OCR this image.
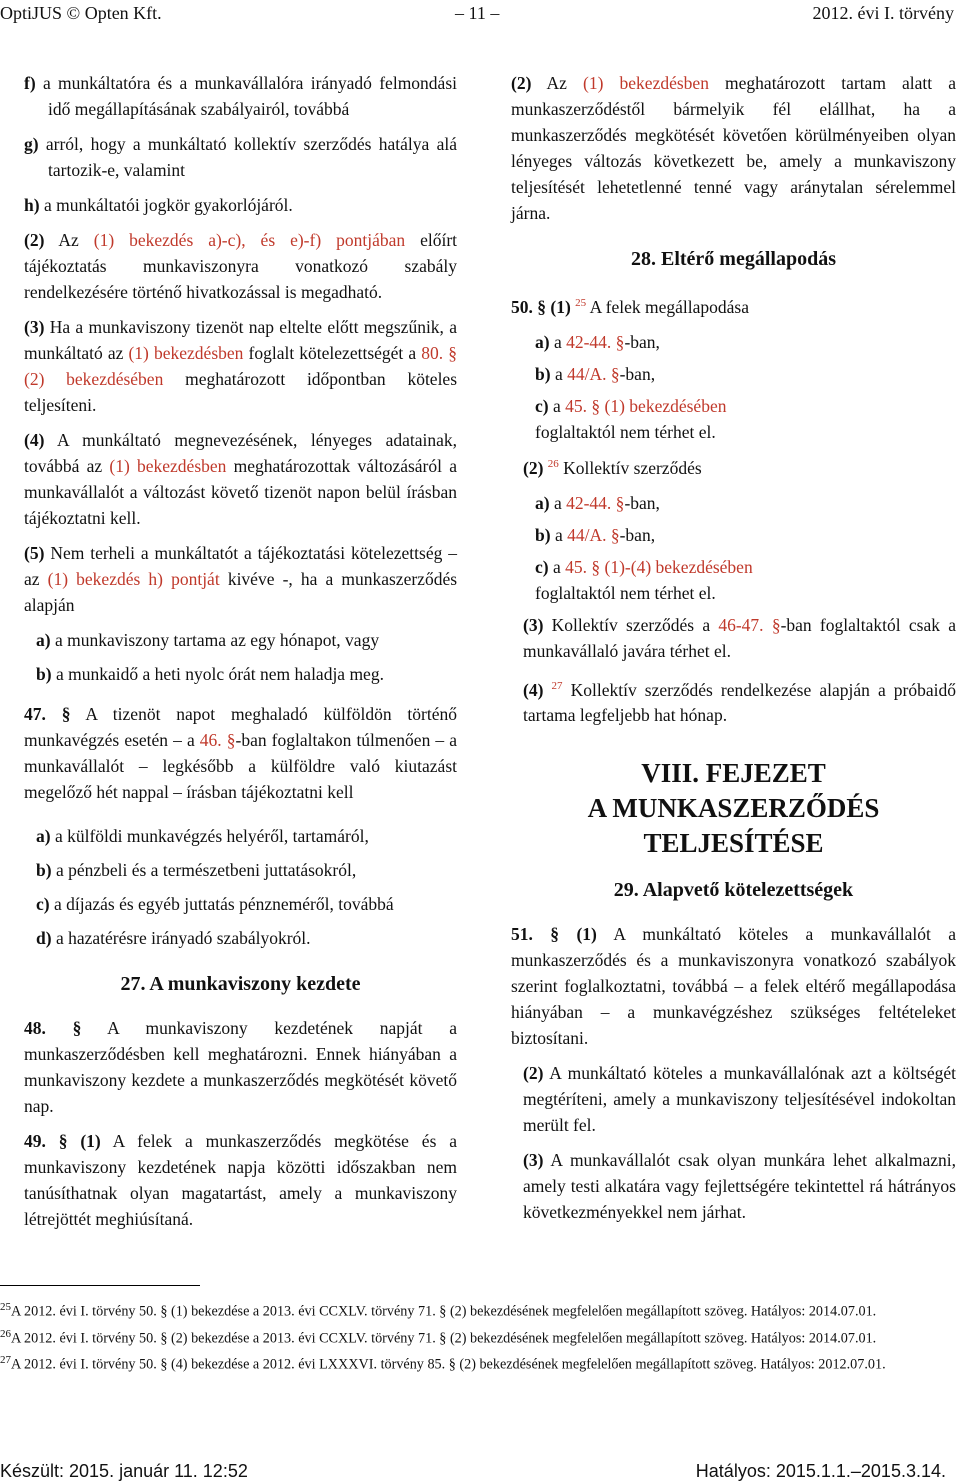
OptiJUS © Opten Kft.	– 11 –	2012. évi I. törvény

f) a munkáltatóra és a munkavállalóra irányadó felmondási idő megállapításának szabályairól, továbbá

g) arról, hogy a munkáltató kollektív szerződés hatálya alá tartozik-e, valamint

h) a munkáltatói jogkör gyakorlójáról.

(2) Az (1) bekezdés a)-c), és e)-f) pontjában előírt tájékoztatás munkaviszonyra vonatkozó szabály rendelkezésére történő hivatkozással is megadható.

(3) Ha a munkaviszony tizenöt nap eltelte előtt megszűnik, a munkáltató az (1) bekezdésben foglalt kötelezettségét a 80. § (2) bekezdésében meghatározott időpontban köteles teljesíteni.

(4) A munkáltató megnevezésének, lényeges adatainak, továbbá az (1) bekezdésben meghatározottak változásáról a munkavállalót a változást követő tizenöt napon belül írásban tájékoztatni kell.

(5) Nem terheli a munkáltatót a tájékoztatási kötelezettség – az (1) bekezdés h) pontját kivéve -, ha a munkaszerződés alapján

a) a munkaviszony tartama az egy hónapot, vagy

b) a munkaidő a heti nyolc órát nem haladja meg.

47. § A tizenöt napot meghaladó külföldön történő munkavégzés esetén – a 46. §-ban foglaltakon túlmenően – a munkavállalót – legkésőbb a külföldre való kiutazást megelőző hét nappal – írásban tájékoztatni kell

a) a külföldi munkavégzés helyéről, tartamáról,

b) a pénzbeli és a természetbeni juttatásokról,

c) a díjazás és egyéb juttatás pénzneméről, továbbá

d) a hazatérésre irányadó szabályokról.

27. A munkaviszony kezdete

48. § A munkaviszony kezdetének napját a munkaszerződésben kell meghatározni. Ennek hiányában a munkaviszony kezdete a munkaszerződés megkötését követő nap.

49. § (1) A felek a munkaszerződés megkötése és a munkaviszony kezdetének napja közötti időszakban nem tanúsíthatnak olyan magatartást, amely a munkaviszony létrejöttét meghiúsítaná.

(2) Az (1) bekezdésben meghatározott tartam alatt a munkaszerződéstől bármelyik fél elállhat, ha a munkaszerződés megkötését követően körülményeiben olyan lényeges változás következett be, amely a munkaviszony teljesítését lehetetlenné tenné vagy aránytalan sérelemmel járna.

28. Eltérő megállapodás

50. § (1) $^{25}$ A felek megállapodása

a) a 42-44. §-ban,

b) a 44/A. §-ban,

c) a 45. § (1) bekezdésében

foglaltaktól nem térhet el.

(2) $^{26}$ Kollektív szerződés

a) a 42-44. §-ban,

b) a 44/A. §-ban,

c) a 45. § (1)-(4) bekezdésében

foglaltaktól nem térhet el.

(3) Kollektív szerződés a 46-47. §-ban foglaltaktól csak a munkavállaló javára térhet el.

(4) $^{27}$ Kollektív szerződés rendelkezése alapján a próbaidő tartama legfeljebb hat hónap.

VIII. FEJEZET
A MUNKASZERZŐDÉS
TELJESÍTÉSE
29. Alapvető kötelezettségek

51. § (1) A munkáltató köteles a munkavállalót a munkaszerződés és a munkaviszonyra vonatkozó szabályok szerint foglalkoztatni, továbbá – a felek eltérő megállapodása hiányában – a munkavégzéshez szükséges feltételeket biztosítani.

(2) A munkáltató köteles a munkavállalónak azt a költségét megtéríteni, amely a munkaviszony teljesítésével indokoltan merült fel.

(3) A munkavállalót csak olyan munkára lehet alkalmazni, amely testi alkatára vagy fejlettségére tekintettel rá hátrányos következményekkel nem járhat.

$^{25}$A 2012. évi I. törvény 50. § (1) bekezdése a 2013. évi CCXLV. törvény 71. § (2) bekezdésének megfelelően megállapított szöveg. Hatályos: 2014.07.01.

$^{26}$A 2012. évi I. törvény 50. § (2) bekezdése a 2013. évi CCXLV. törvény 71. § (2) bekezdésének megfelelően megállapított szöveg. Hatályos: 2014.07.01.

$^{27}$A 2012. évi I. törvény 50. § (4) bekezdése a 2012. évi LXXXVI. törvény 85. § (2) bekezdésének megfelelően megállapított szöveg. Hatályos: 2012.07.01.

Készült: 2015. január 11. 12:52	Hatályos: 2015.1.1.–2015.3.14.
